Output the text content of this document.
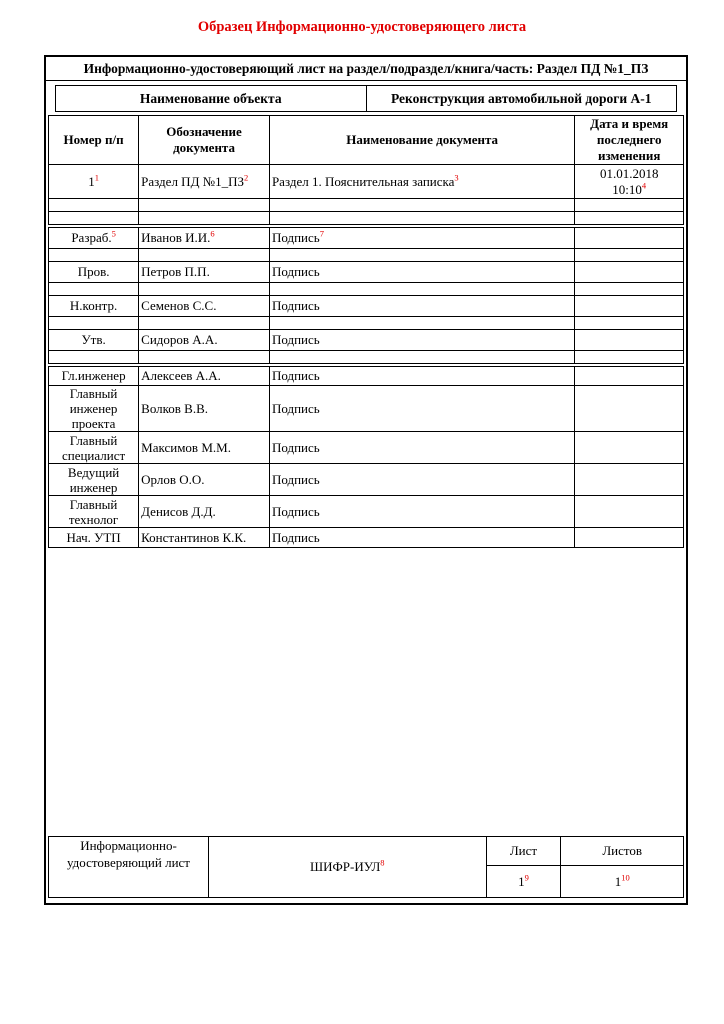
Образец Информационно-удостоверяющего листа
Информационно-удостоверяющий лист на раздел/подраздел/книга/часть: Раздел ПД №1_ПЗ
Наименование объекта	Реконструкция автомобильной дороги А-1
Номер п/п	Обозначение документа	Наименование документа	Дата и время последнего изменения
1$^1$	Раздел ПД №1_ПЗ$^2$	Раздел 1. Пояснительная записка$^3$	01.01.2018
10:10$^4$

Разраб.$^5$	Иванов И.И.$^6$	Подпись$^7$	

Пров.	Петров П.П.	Подпись	

Н.контр.	Семенов С.С.	Подпись	

Утв.	Сидоров А.А.	Подпись	

Гл.инженер	Алексеев А.А.	Подпись	
Главный инженер проекта	Волков В.В.	Подпись	
Главный специалист	Максимов М.М.	Подпись	
Ведущий инженер	Орлов О.О.	Подпись	
Главный технолог	Денисов Д.Д.	Подпись	
Нач. УТП	Константинов К.К.	Подпись	
Информационно-
удостоверяющий лист	ШИФР-ИУЛ$^8$	Лист	Листов
		1$^9$	1$^{10}$
